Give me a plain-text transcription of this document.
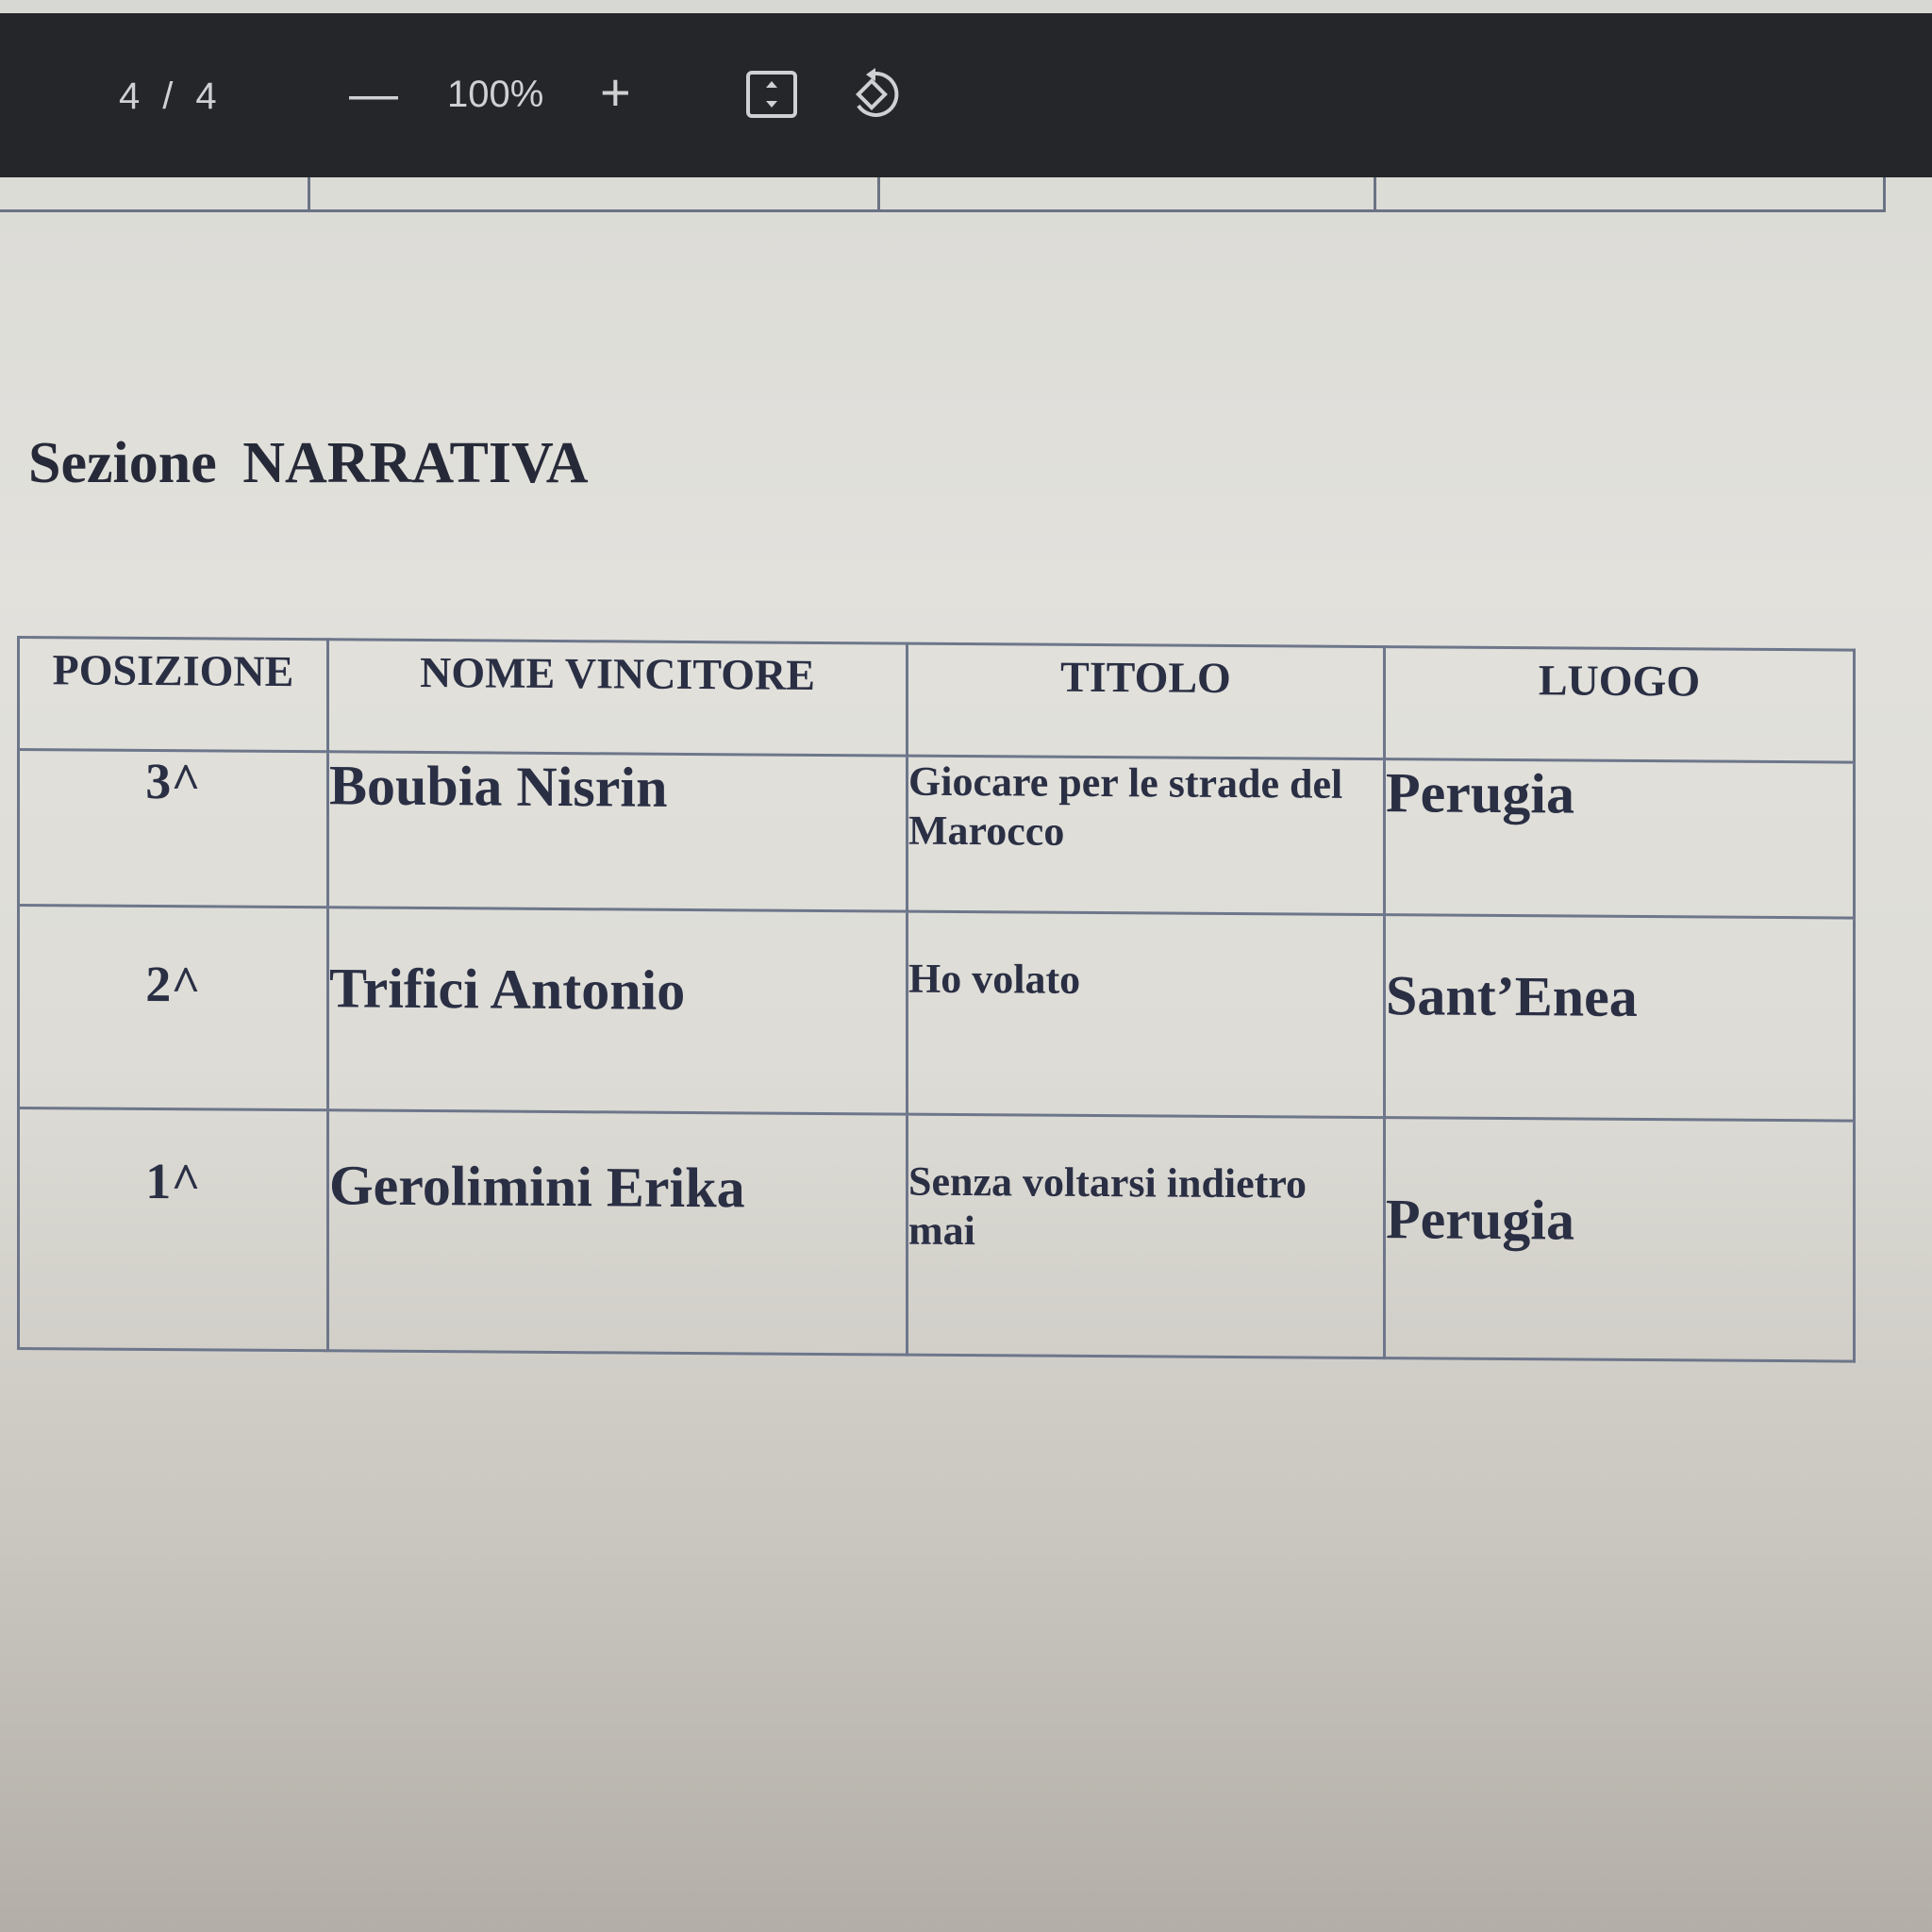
4 / 4	— 100% +
Sezione NARRATIVA
POSIZIONE	NOME VINCITORE	TITOLO	LUOGO
3^	Boubia Nisrin	Giocare per le strade del Marocco	Perugia
2^	Trifici Antonio	Ho volato	Sant’Enea
1^	Gerolimini Erika	Senza voltarsi indietro mai	Perugia
